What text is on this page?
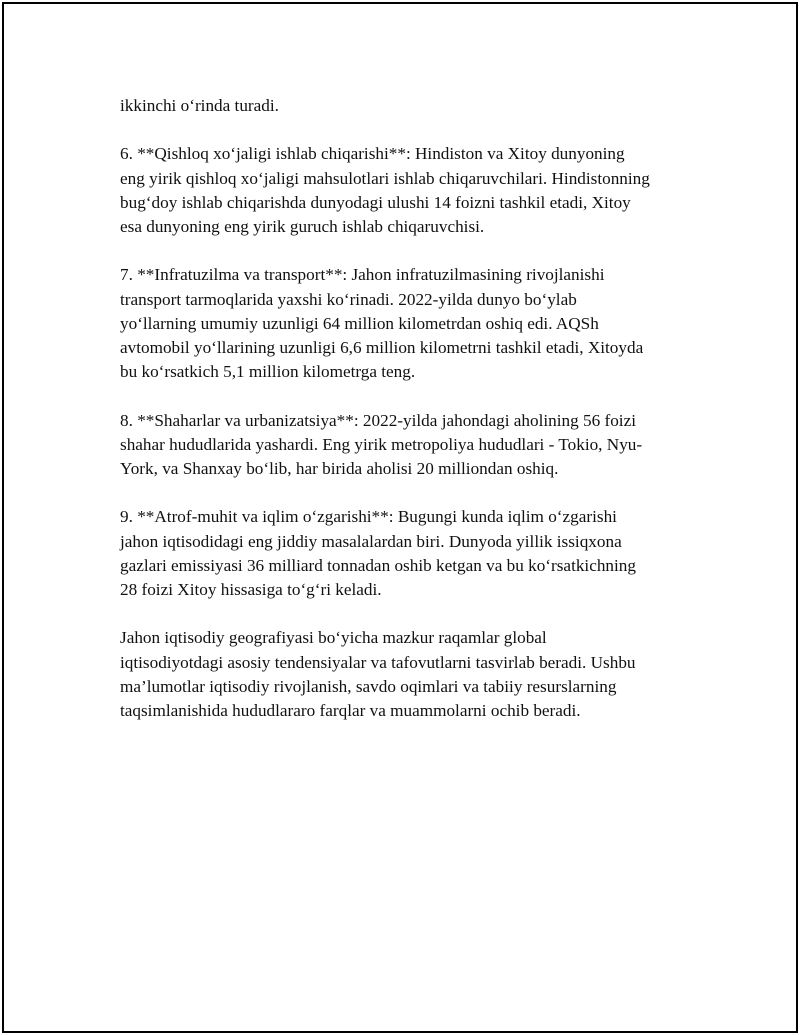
ikkinchi o‘rinda turadi.

6. **Qishloq xo‘jaligi ishlab chiqarishi**: Hindiston va Xitoy dunyoning
eng yirik qishloq xo‘jaligi mahsulotlari ishlab chiqaruvchilari. Hindistonning
bug‘doy ishlab chiqarishda dunyodagi ulushi 14 foizni tashkil etadi, Xitoy
esa dunyoning eng yirik guruch ishlab chiqaruvchisi.

7. **Infratuzilma va transport**: Jahon infratuzilmasining rivojlanishi
transport tarmoqlarida yaxshi ko‘rinadi. 2022-yilda dunyo bo‘ylab
yo‘llarning umumiy uzunligi 64 million kilometrdan oshiq edi. AQSh
avtomobil yo‘llarining uzunligi 6,6 million kilometrni tashkil etadi, Xitoyda
bu ko‘rsatkich 5,1 million kilometrga teng.

8. **Shaharlar va urbanizatsiya**: 2022-yilda jahondagi aholining 56 foizi
shahar hududlarida yashardi. Eng yirik metropoliya hududlari - Tokio, Nyu-
York, va Shanxay bo‘lib, har birida aholisi 20 milliondan oshiq.

9. **Atrof-muhit va iqlim o‘zgarishi**: Bugungi kunda iqlim o‘zgarishi
jahon iqtisodidagi eng jiddiy masalalardan biri. Dunyoda yillik issiqxona
gazlari emissiyasi 36 milliard tonnadan oshib ketgan va bu ko‘rsatkichning
28 foizi Xitoy hissasiga to‘g‘ri keladi.

Jahon iqtisodiy geografiyasi bo‘yicha mazkur raqamlar global
iqtisodiyotdagi asosiy tendensiyalar va tafovutlarni tasvirlab beradi. Ushbu
ma’lumotlar iqtisodiy rivojlanish, savdo oqimlari va tabiiy resurslarning
taqsimlanishida hududlararo farqlar va muammolarni ochib beradi.
